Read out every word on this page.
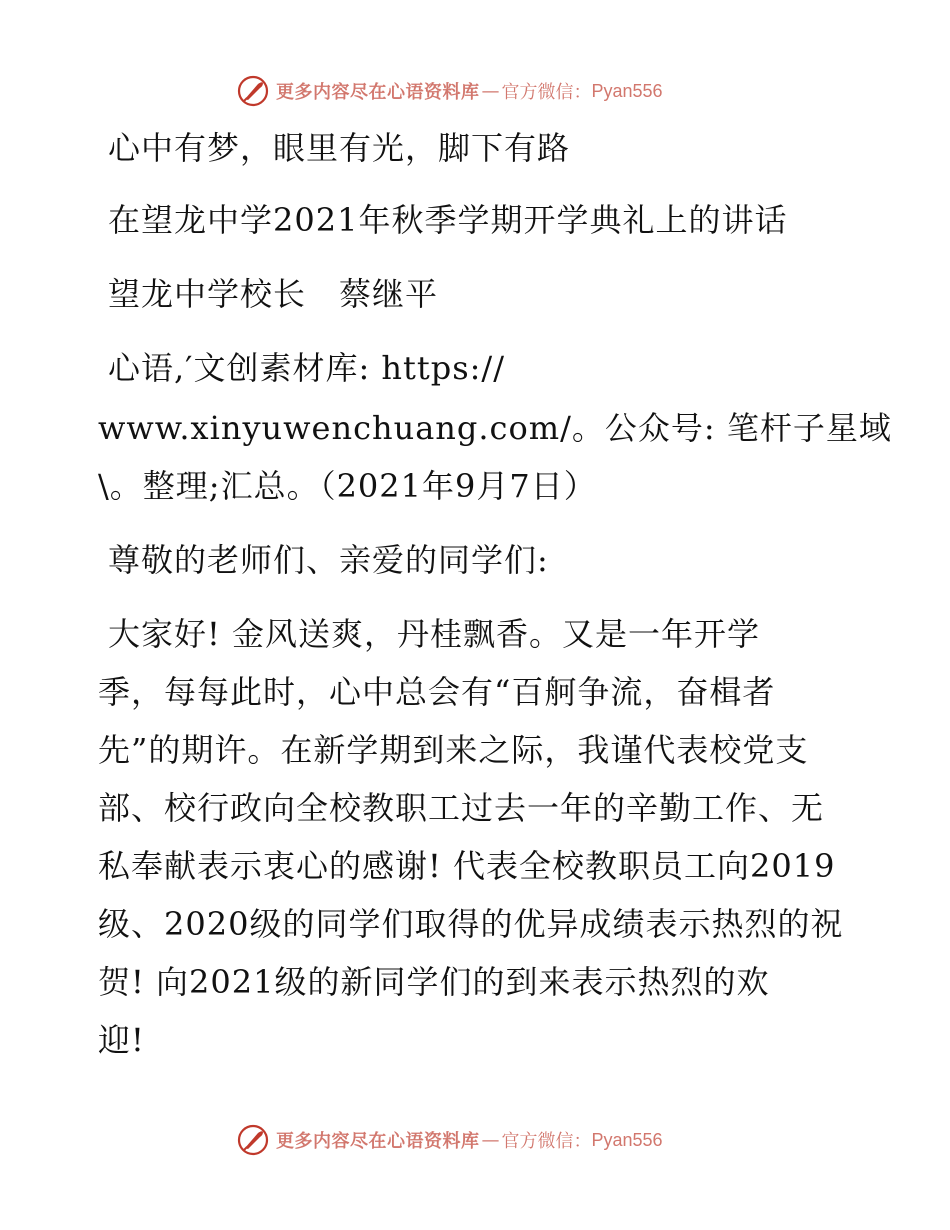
更多内容尽在心语资料库 — 官方微信： Pyan556
心中有梦，眼里有光，脚下有路
在望龙中学2021年秋季学期开学典礼上的讲话
望龙中学校长　蔡继平
心语,′文创素材库: https://
www.xinyuwenchuang.com/。公众号: 笔杆子星域
\。整理;汇总。（2021年9月7日）
尊敬的老师们、亲爱的同学们:
大家好! 金风送爽，丹桂飘香。又是一年开学
季，每每此时，心中总会有“百舸争流，奋楫者
先”的期许。在新学期到来之际，我谨代表校党支
部、校行政向全校教职工过去一年的辛勤工作、无
私奉献表示衷心的感谢! 代表全校教职员工向2019
级、2020级的同学们取得的优异成绩表示热烈的祝
贺! 向2021级的新同学们的到来表示热烈的欢
迎!
更多内容尽在心语资料库 — 官方微信： Pyan556
